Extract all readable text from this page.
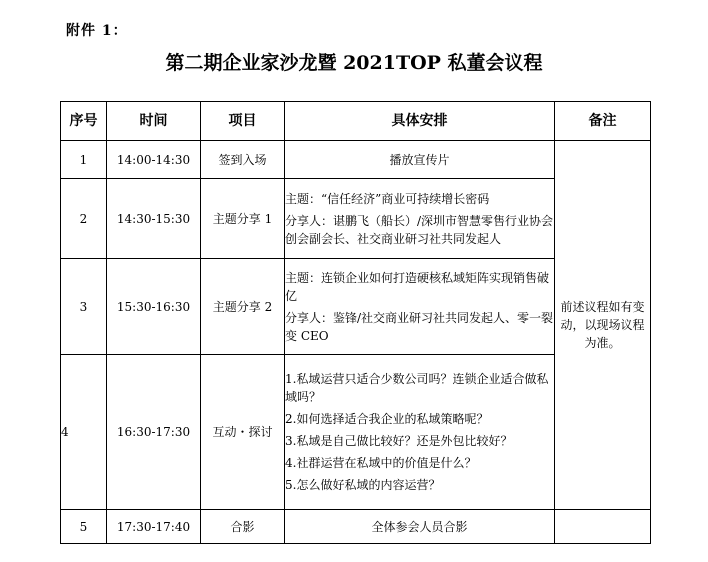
附件 1：
第二期企业家沙龙暨 2021TOP 私董会议程
序号	时间	项目	具体安排	备注
1	14:00-14:30	签到入场	播放宣传片	前述议程如有变动，以现场议程为准。
2	14:30-15:30	主题分享 1	主题：“信任经济”商业可持续增长密码
分享人：谌鹏飞（船长）/深圳市智慧零售行业协会创会副会长、社交商业研习社共同发起人	

3	15:30-16:30	主题分享 2	主题：连锁企业如何打造硬核私域矩阵实现销售破亿
分享人：鉴锋/社交商业研习社共同发起人、零一裂变 CEO	

4	16:30-17:30	互动・探讨	1.私域运营只适合少数公司吗？连锁企业适合做私域吗？
2.如何选择适合我企业的私域策略呢？
3.私域是自己做比较好？还是外包比较好？
4.社群运营在私域中的价值是什么？
5.怎么做好私域的内容运营？	

5	17:30-17:40	合影	全体参会人员合影	
